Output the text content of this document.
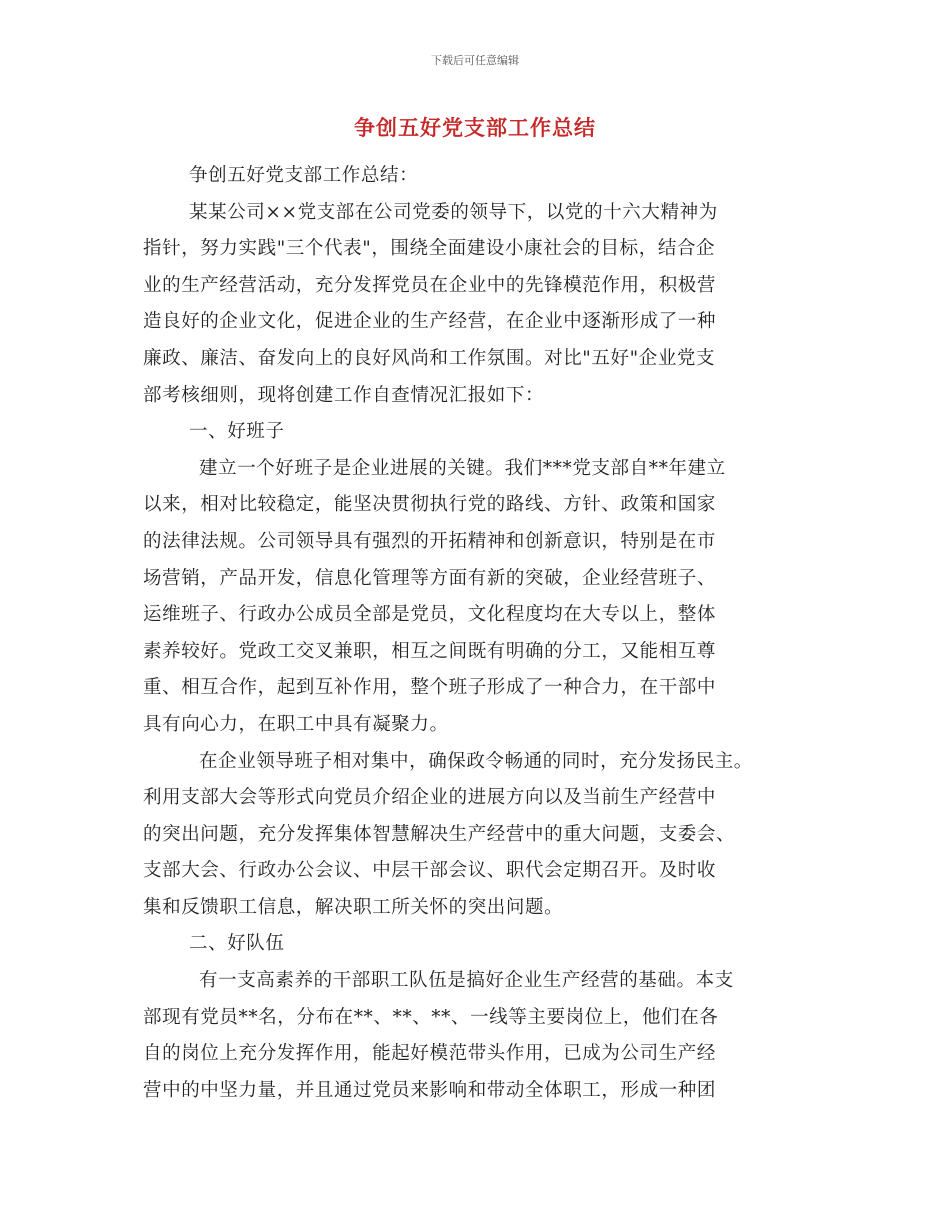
下载后可任意编辑
争创五好党支部工作总结
争创五好党支部工作总结：
某某公司××党支部在公司党委的领导下，以党的十六大精神为
指针，努力实践"三个代表"，围绕全面建设小康社会的目标，结合企
业的生产经营活动，充分发挥党员在企业中的先锋模范作用，积极营
造良好的企业文化，促进企业的生产经营，在企业中逐渐形成了一种
廉政、廉洁、奋发向上的良好风尚和工作氛围。对比"五好"企业党支
部考核细则，现将创建工作自查情况汇报如下：
一、好班子
建立一个好班子是企业进展的关键。我们***党支部自**年建立
以来，相对比较稳定，能坚决贯彻执行党的路线、方针、政策和国家
的法律法规。公司领导具有强烈的开拓精神和创新意识，特别是在市
场营销，产品开发，信息化管理等方面有新的突破，企业经营班子、
运维班子、行政办公成员全部是党员，文化程度均在大专以上，整体
素养较好。党政工交叉兼职，相互之间既有明确的分工，又能相互尊
重、相互合作，起到互补作用，整个班子形成了一种合力，在干部中
具有向心力，在职工中具有凝聚力。
在企业领导班子相对集中，确保政令畅通的同时，充分发扬民主。
利用支部大会等形式向党员介绍企业的进展方向以及当前生产经营中
的突出问题，充分发挥集体智慧解决生产经营中的重大问题，支委会、
支部大会、行政办公会议、中层干部会议、职代会定期召开。及时收
集和反馈职工信息，解决职工所关怀的突出问题。
二、好队伍
有一支高素养的干部职工队伍是搞好企业生产经营的基础。本支
部现有党员**名，分布在**、**、**、一线等主要岗位上，他们在各
自的岗位上充分发挥作用，能起好模范带头作用，已成为公司生产经
营中的中坚力量，并且通过党员来影响和带动全体职工，形成一种团
